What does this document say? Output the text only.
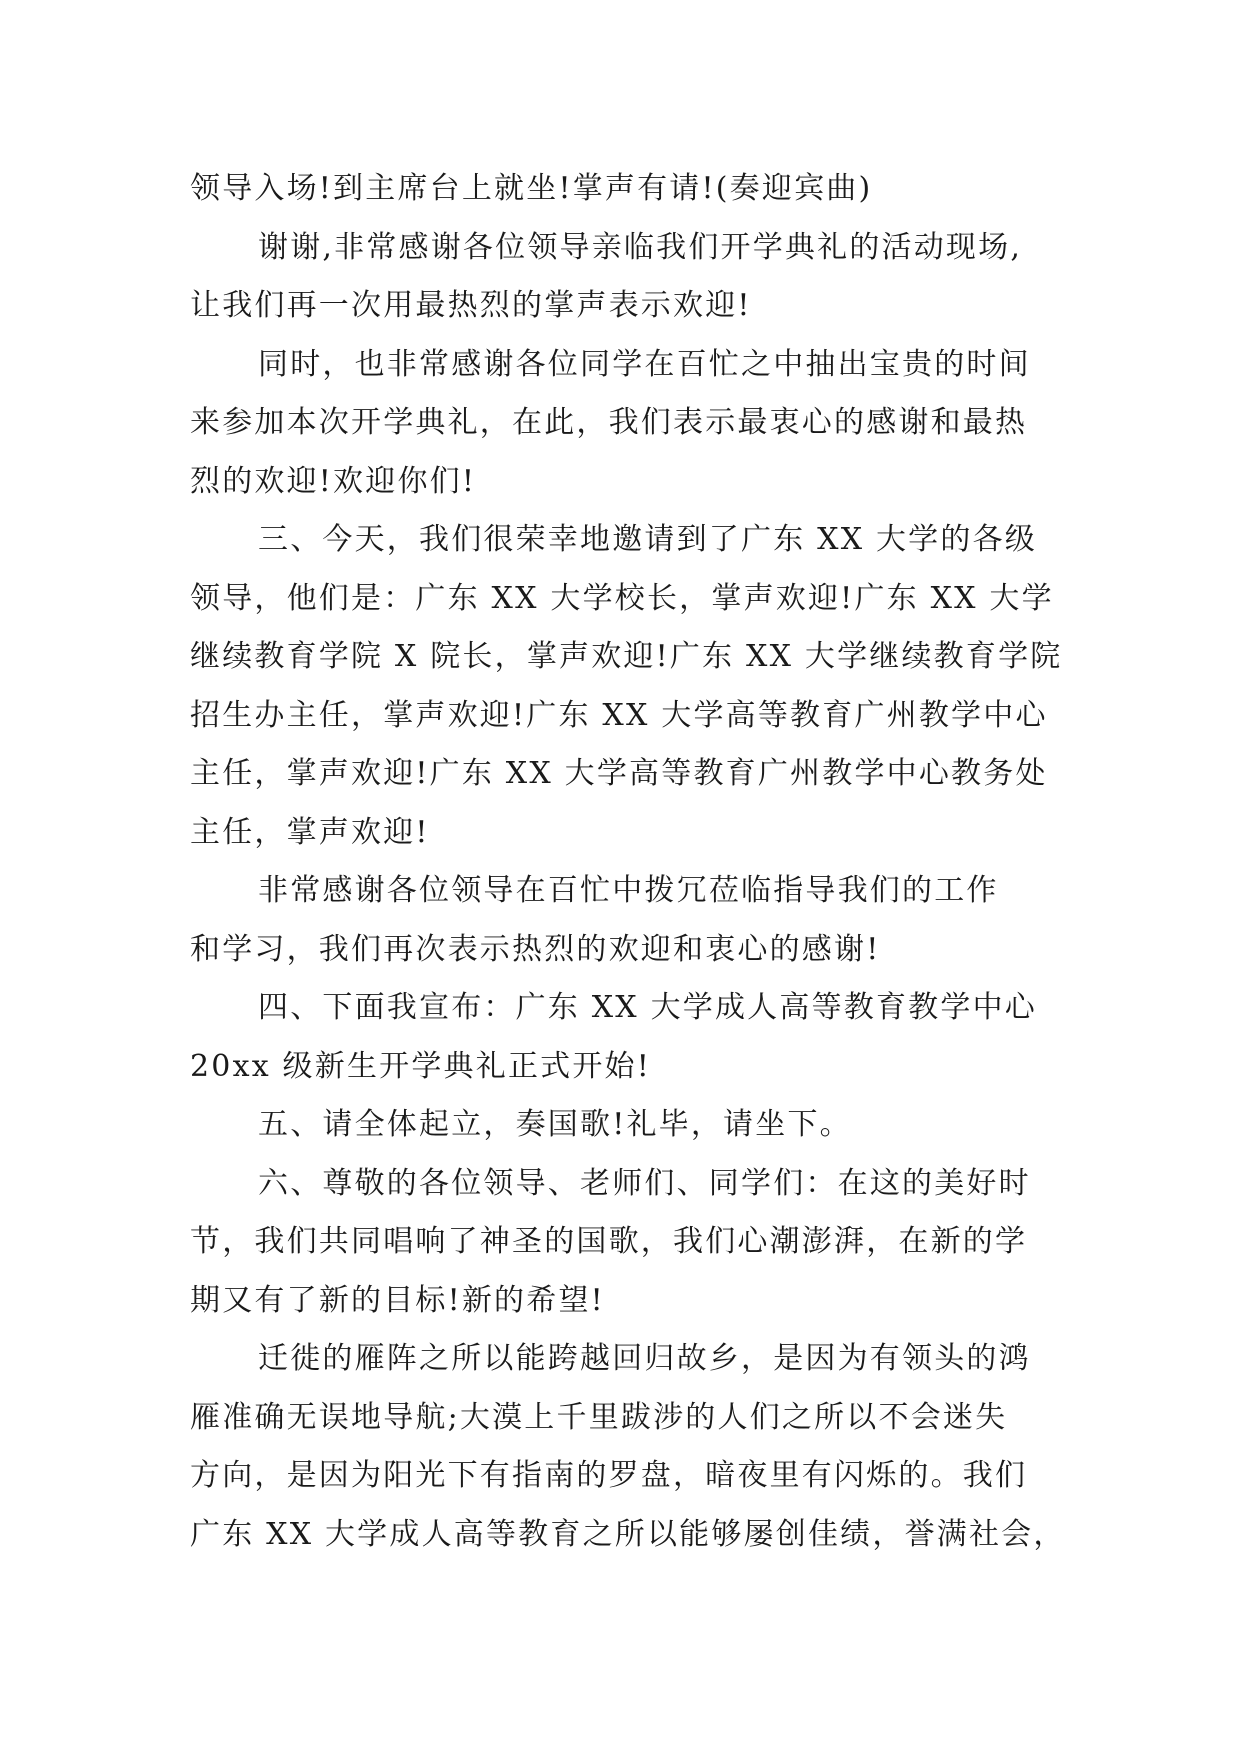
领导入场!到主席台上就坐!掌声有请!(奏迎宾曲)
谢谢,非常感谢各位领导亲临我们开学典礼的活动现场,
让我们再一次用最热烈的掌声表示欢迎!
同时，也非常感谢各位同学在百忙之中抽出宝贵的时间
来参加本次开学典礼，在此，我们表示最衷心的感谢和最热
烈的欢迎!欢迎你们!
三、今天，我们很荣幸地邀请到了广东 XX 大学的各级
领导，他们是：广东 XX 大学校长，掌声欢迎!广东 XX 大学
继续教育学院 X 院长，掌声欢迎!广东 XX 大学继续教育学院
招生办主任，掌声欢迎!广东 XX 大学高等教育广州教学中心
主任，掌声欢迎!广东 XX 大学高等教育广州教学中心教务处
主任，掌声欢迎!
非常感谢各位领导在百忙中拨冗莅临指导我们的工作
和学习，我们再次表示热烈的欢迎和衷心的感谢!
四、下面我宣布：广东 XX 大学成人高等教育教学中心
20xx 级新生开学典礼正式开始!
五、请全体起立，奏国歌!礼毕，请坐下。
六、尊敬的各位领导、老师们、同学们：在这的美好时
节，我们共同唱响了神圣的国歌，我们心潮澎湃，在新的学
期又有了新的目标!新的希望!
迁徙的雁阵之所以能跨越回归故乡，是因为有领头的鸿
雁准确无误地导航;大漠上千里跋涉的人们之所以不会迷失
方向，是因为阳光下有指南的罗盘，暗夜里有闪烁的。我们
广东 XX 大学成人高等教育之所以能够屡创佳绩，誉满社会，
